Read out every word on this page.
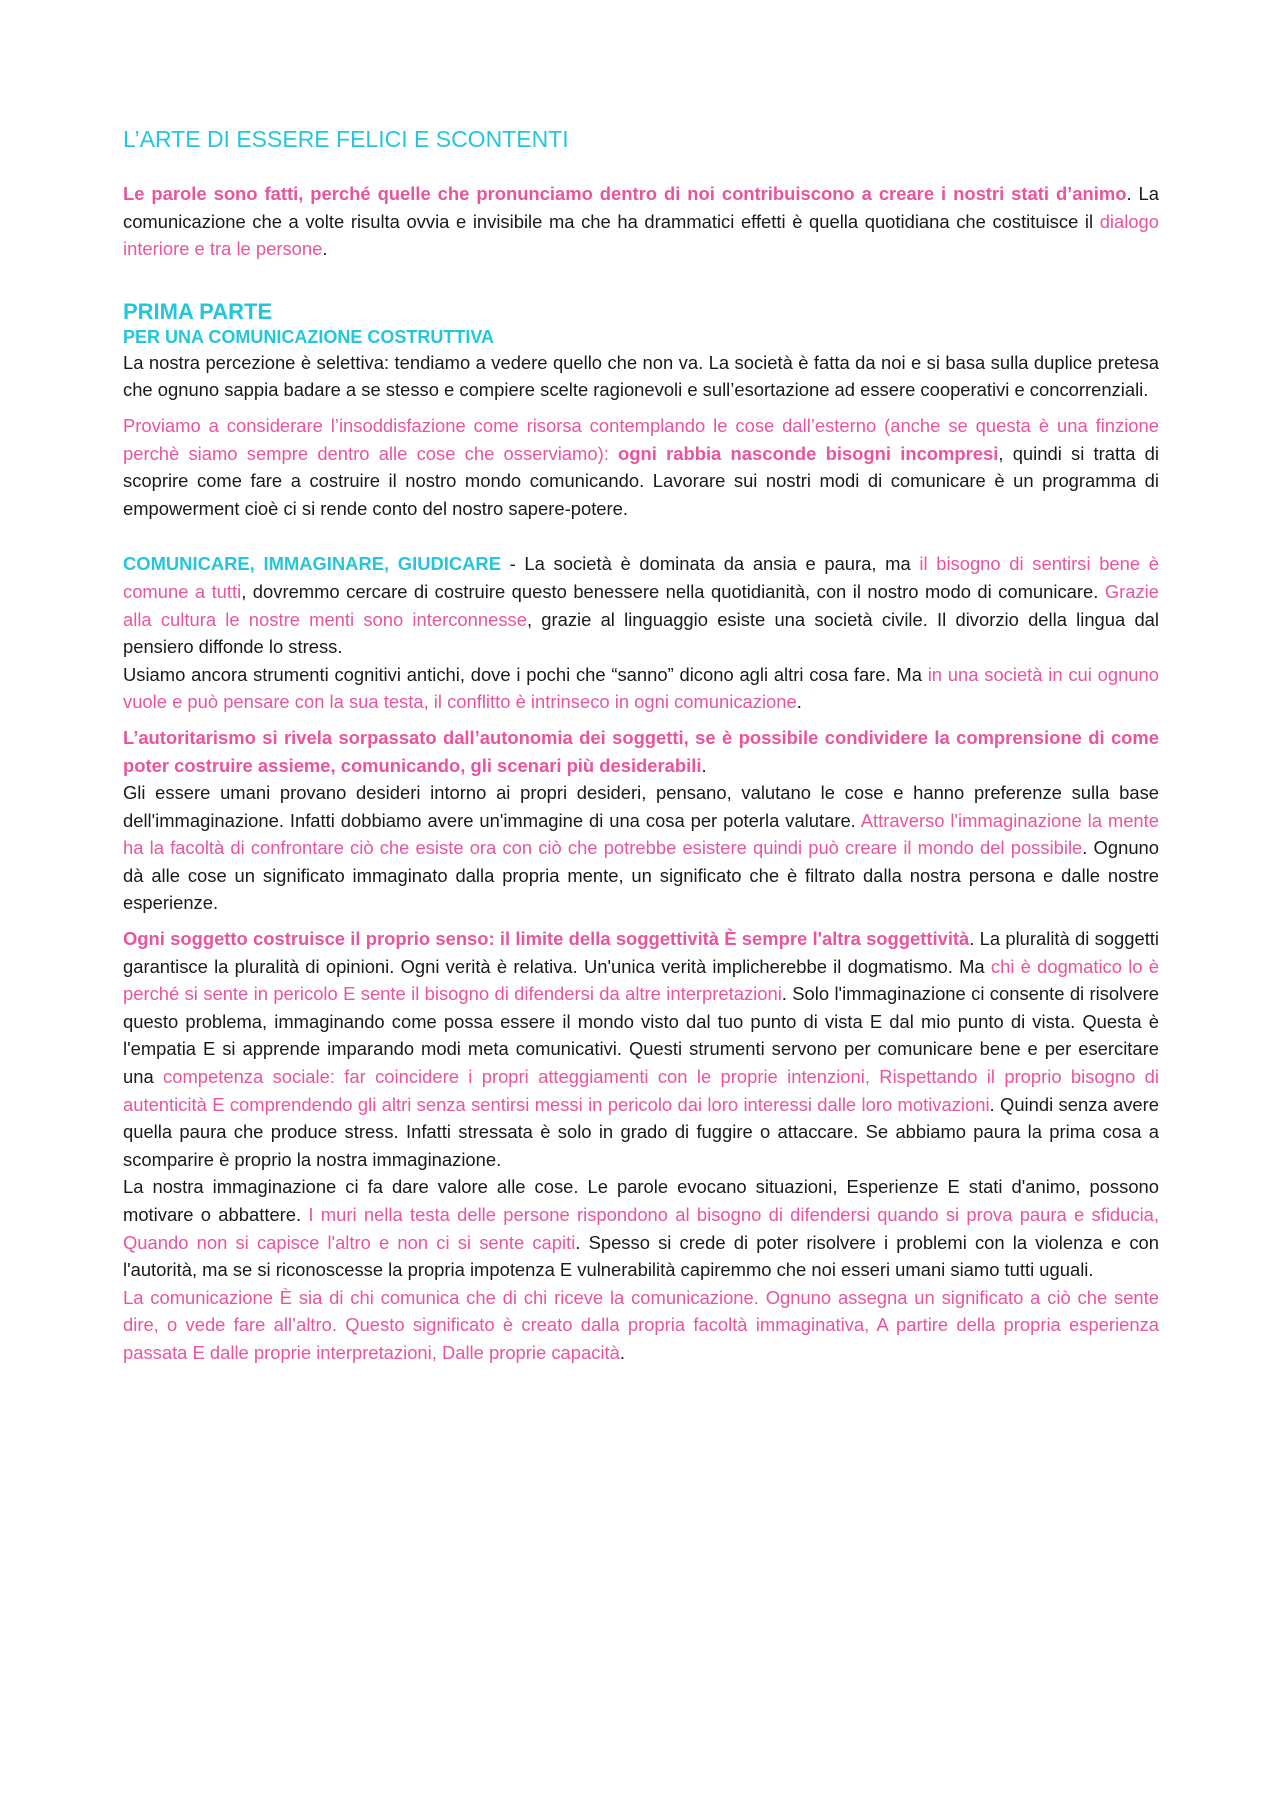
L’ARTE DI ESSERE FELICI E SCONTENTI

Le parole sono fatti, perché quelle che pronunciamo dentro di noi contribuiscono a creare i nostri stati d’animo. La comunicazione che a volte risulta ovvia e invisibile ma che ha drammatici effetti è quella quotidiana che costituisce il dialogo interiore e tra le persone.

PRIMA PARTE
PER UNA COMUNICAZIONE COSTRUTTIVA

La nostra percezione è selettiva: tendiamo a vedere quello che non va. La società è fatta da noi e si basa sulla duplice pretesa che ognuno sappia badare a se stesso e compiere scelte ragionevoli e sull’esortazione ad essere cooperativi e concorrenziali.

Proviamo a considerare l’insoddisfazione come risorsa contemplando le cose dall’esterno (anche se questa è una finzione perchè siamo sempre dentro alle cose che osserviamo): ogni rabbia nasconde bisogni incompresi, quindi si tratta di scoprire come fare a costruire il nostro mondo comunicando. Lavorare sui nostri modi di comunicare è un programma di empowerment cioè ci si rende conto del nostro sapere-potere.

COMUNICARE, IMMAGINARE, GIUDICARE - La società è dominata da ansia e paura, ma il bisogno di sentirsi bene è comune a tutti, dovremmo cercare di costruire questo benessere nella quotidianità, con il nostro modo di comunicare. Grazie alla cultura le nostre menti sono interconnesse, grazie al linguaggio esiste una società civile. Il divorzio della lingua dal pensiero diffonde lo stress.

Usiamo ancora strumenti cognitivi antichi, dove i pochi che “sanno” dicono agli altri cosa fare. Ma in una società in cui ognuno vuole e può pensare con la sua testa, il conflitto è intrinseco in ogni comunicazione.

L’autoritarismo si rivela sorpassato dall’autonomia dei soggetti, se è possibile condividere la comprensione di come poter costruire assieme, comunicando, gli scenari più desiderabili.

Gli essere umani provano desideri intorno ai propri desideri, pensano, valutano le cose e hanno preferenze sulla base dell'immaginazione. Infatti dobbiamo avere un'immagine di una cosa per poterla valutare. Attraverso l'immaginazione la mente ha la facoltà di confrontare ciò che esiste ora con ciò che potrebbe esistere quindi può creare il mondo del possibile. Ognuno dà alle cose un significato immaginato dalla propria mente, un significato che è filtrato dalla nostra persona e dalle nostre esperienze.

Ogni soggetto costruisce il proprio senso: il limite della soggettività È sempre l'altra soggettività. La pluralità di soggetti garantisce la pluralità di opinioni. Ogni verità è relativa. Un'unica verità implicherebbe il dogmatismo. Ma chi è dogmatico lo è perché si sente in pericolo E sente il bisogno di difendersi da altre interpretazioni. Solo l'immaginazione ci consente di risolvere questo problema, immaginando come possa essere il mondo visto dal tuo punto di vista E dal mio punto di vista. Questa è l'empatia E si apprende imparando modi meta comunicativi. Questi strumenti servono per comunicare bene e per esercitare una competenza sociale: far coincidere i propri atteggiamenti con le proprie intenzioni, Rispettando il proprio bisogno di autenticità E comprendendo gli altri senza sentirsi messi in pericolo dai loro interessi dalle loro motivazioni. Quindi senza avere quella paura che produce stress. Infatti stressata è solo in grado di fuggire o attaccare. Se abbiamo paura la prima cosa a scomparire è proprio la nostra immaginazione.

La nostra immaginazione ci fa dare valore alle cose. Le parole evocano situazioni, Esperienze E stati d'animo, possono motivare o abbattere. I muri nella testa delle persone rispondono al bisogno di difendersi quando si prova paura e sfiducia, Quando non si capisce l'altro e non ci si sente capiti. Spesso si crede di poter risolvere i problemi con la violenza e con l'autorità, ma se si riconoscesse la propria impotenza E vulnerabilità capiremmo che noi esseri umani siamo tutti uguali.

La comunicazione È sia di chi comunica che di chi riceve la comunicazione. Ognuno assegna un significato a ciò che sente dire, o vede fare all’altro. Questo significato è creato dalla propria facoltà immaginativa, A partire della propria esperienza passata E dalle proprie interpretazioni, Dalle proprie capacità.
